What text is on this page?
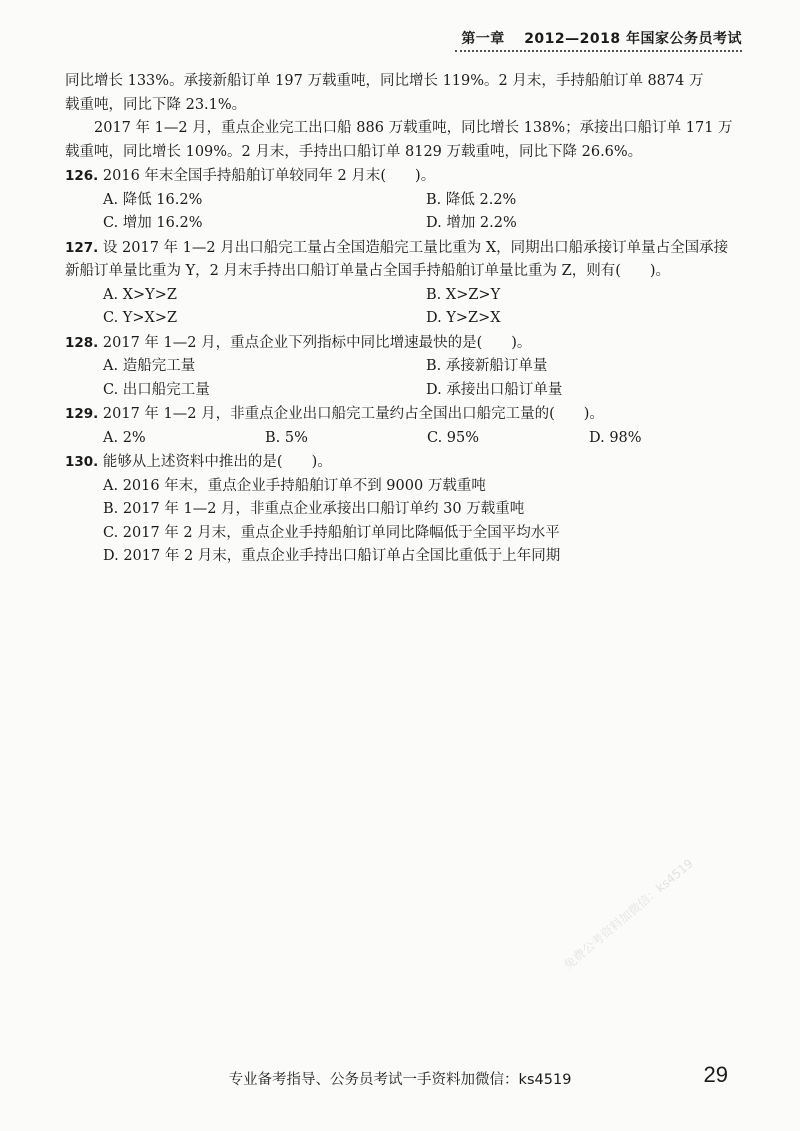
第一章 2012—2018 年国家公务员考试

同比增长 133%。承接新船订单 197 万载重吨，同比增长 119%。2 月末，手持船舶订单 8874 万

载重吨，同比下降 23.1%。

2017 年 1—2 月，重点企业完工出口船 886 万载重吨，同比增长 138%；承接出口船订单 171 万载重吨，同比增长 109%。2 月末，手持出口船订单 8129 万载重吨，同比下降 26.6%。

126. 2016 年末全国手持船舶订单较同年 2 月末(　　)。

A. 降低 16.2%	B. 降低 2.2%
C. 增加 16.2%	D. 增加 2.2%

127. 设 2017 年 1—2 月出口船完工量占全国造船完工量比重为 X，同期出口船承接订单量占全国承接新船订单量比重为 Y，2 月末手持出口船订单量占全国手持船舶订单量比重为 Z，则有(　　)。

A. X>Y>Z	B. X>Z>Y
C. Y>X>Z	D. Y>Z>X

128. 2017 年 1—2 月，重点企业下列指标中同比增速最快的是(　　)。

A. 造船完工量	B. 承接新船订单量
C. 出口船完工量	D. 承接出口船订单量

129. 2017 年 1—2 月，非重点企业出口船完工量约占全国出口船完工量的(　　)。

A. 2%	B. 5%	C. 95%	D. 98%

130. 能够从上述资料中推出的是(　　)。

A. 2016 年末，重点企业手持船舶订单不到 9000 万载重吨

B. 2017 年 1—2 月，非重点企业承接出口船订单约 30 万载重吨

C. 2017 年 2 月末，重点企业手持船舶订单同比降幅低于全国平均水平

D. 2017 年 2 月末，重点企业手持出口船订单占全国比重低于上年同期

免费公考资料加微信：ks4519
专业备考指导、公务员考试一手资料加微信：ks4519	29
